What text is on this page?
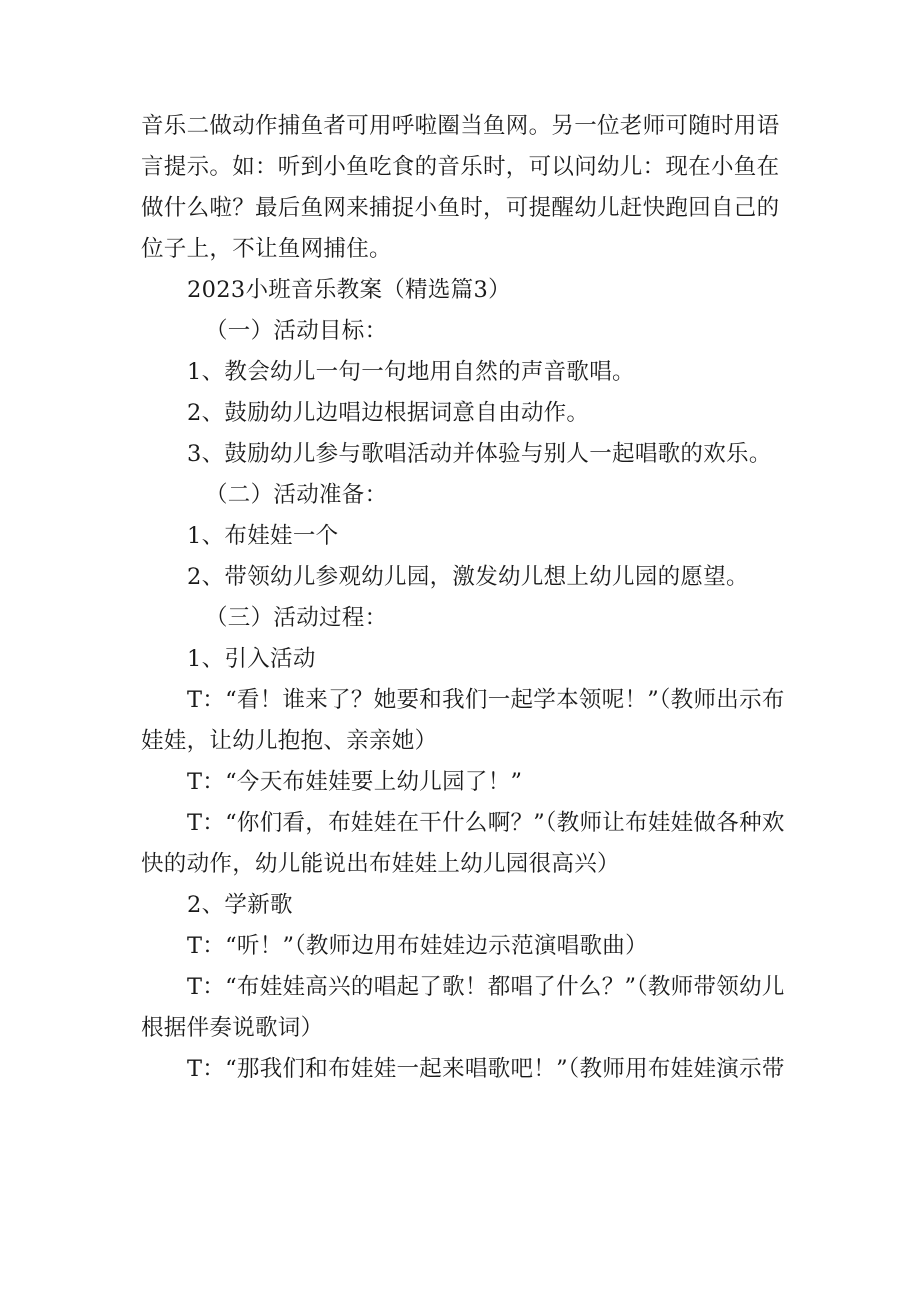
音乐二做动作捕鱼者可用呼啦圈当鱼网。另一位老师可随时用语言提示。如：听到小鱼吃食的音乐时，可以问幼儿：现在小鱼在做什么啦？最后鱼网来捕捉小鱼时，可提醒幼儿赶快跑回自己的位子上，不让鱼网捕住。

2023小班音乐教案（精选篇3）

（一）活动目标：

1、教会幼儿一句一句地用自然的声音歌唱。

2、鼓励幼儿边唱边根据词意自由动作。

3、鼓励幼儿参与歌唱活动并体验与别人一起唱歌的欢乐。

（二）活动准备：

1、布娃娃一个

2、带领幼儿参观幼儿园，激发幼儿想上幼儿园的愿望。

（三）活动过程：

1、引入活动

T：“看！谁来了？她要和我们一起学本领呢！”（教师出示布娃娃，让幼儿抱抱、亲亲她）

T：“今天布娃娃要上幼儿园了！”

T：“你们看，布娃娃在干什么啊？”（教师让布娃娃做各种欢快的动作，幼儿能说出布娃娃上幼儿园很高兴）

2、学新歌

T：“听！”（教师边用布娃娃边示范演唱歌曲）

T：“布娃娃高兴的唱起了歌！都唱了什么？”（教师带领幼儿根据伴奏说歌词）

T：“那我们和布娃娃一起来唱歌吧！”（教师用布娃娃演示带
